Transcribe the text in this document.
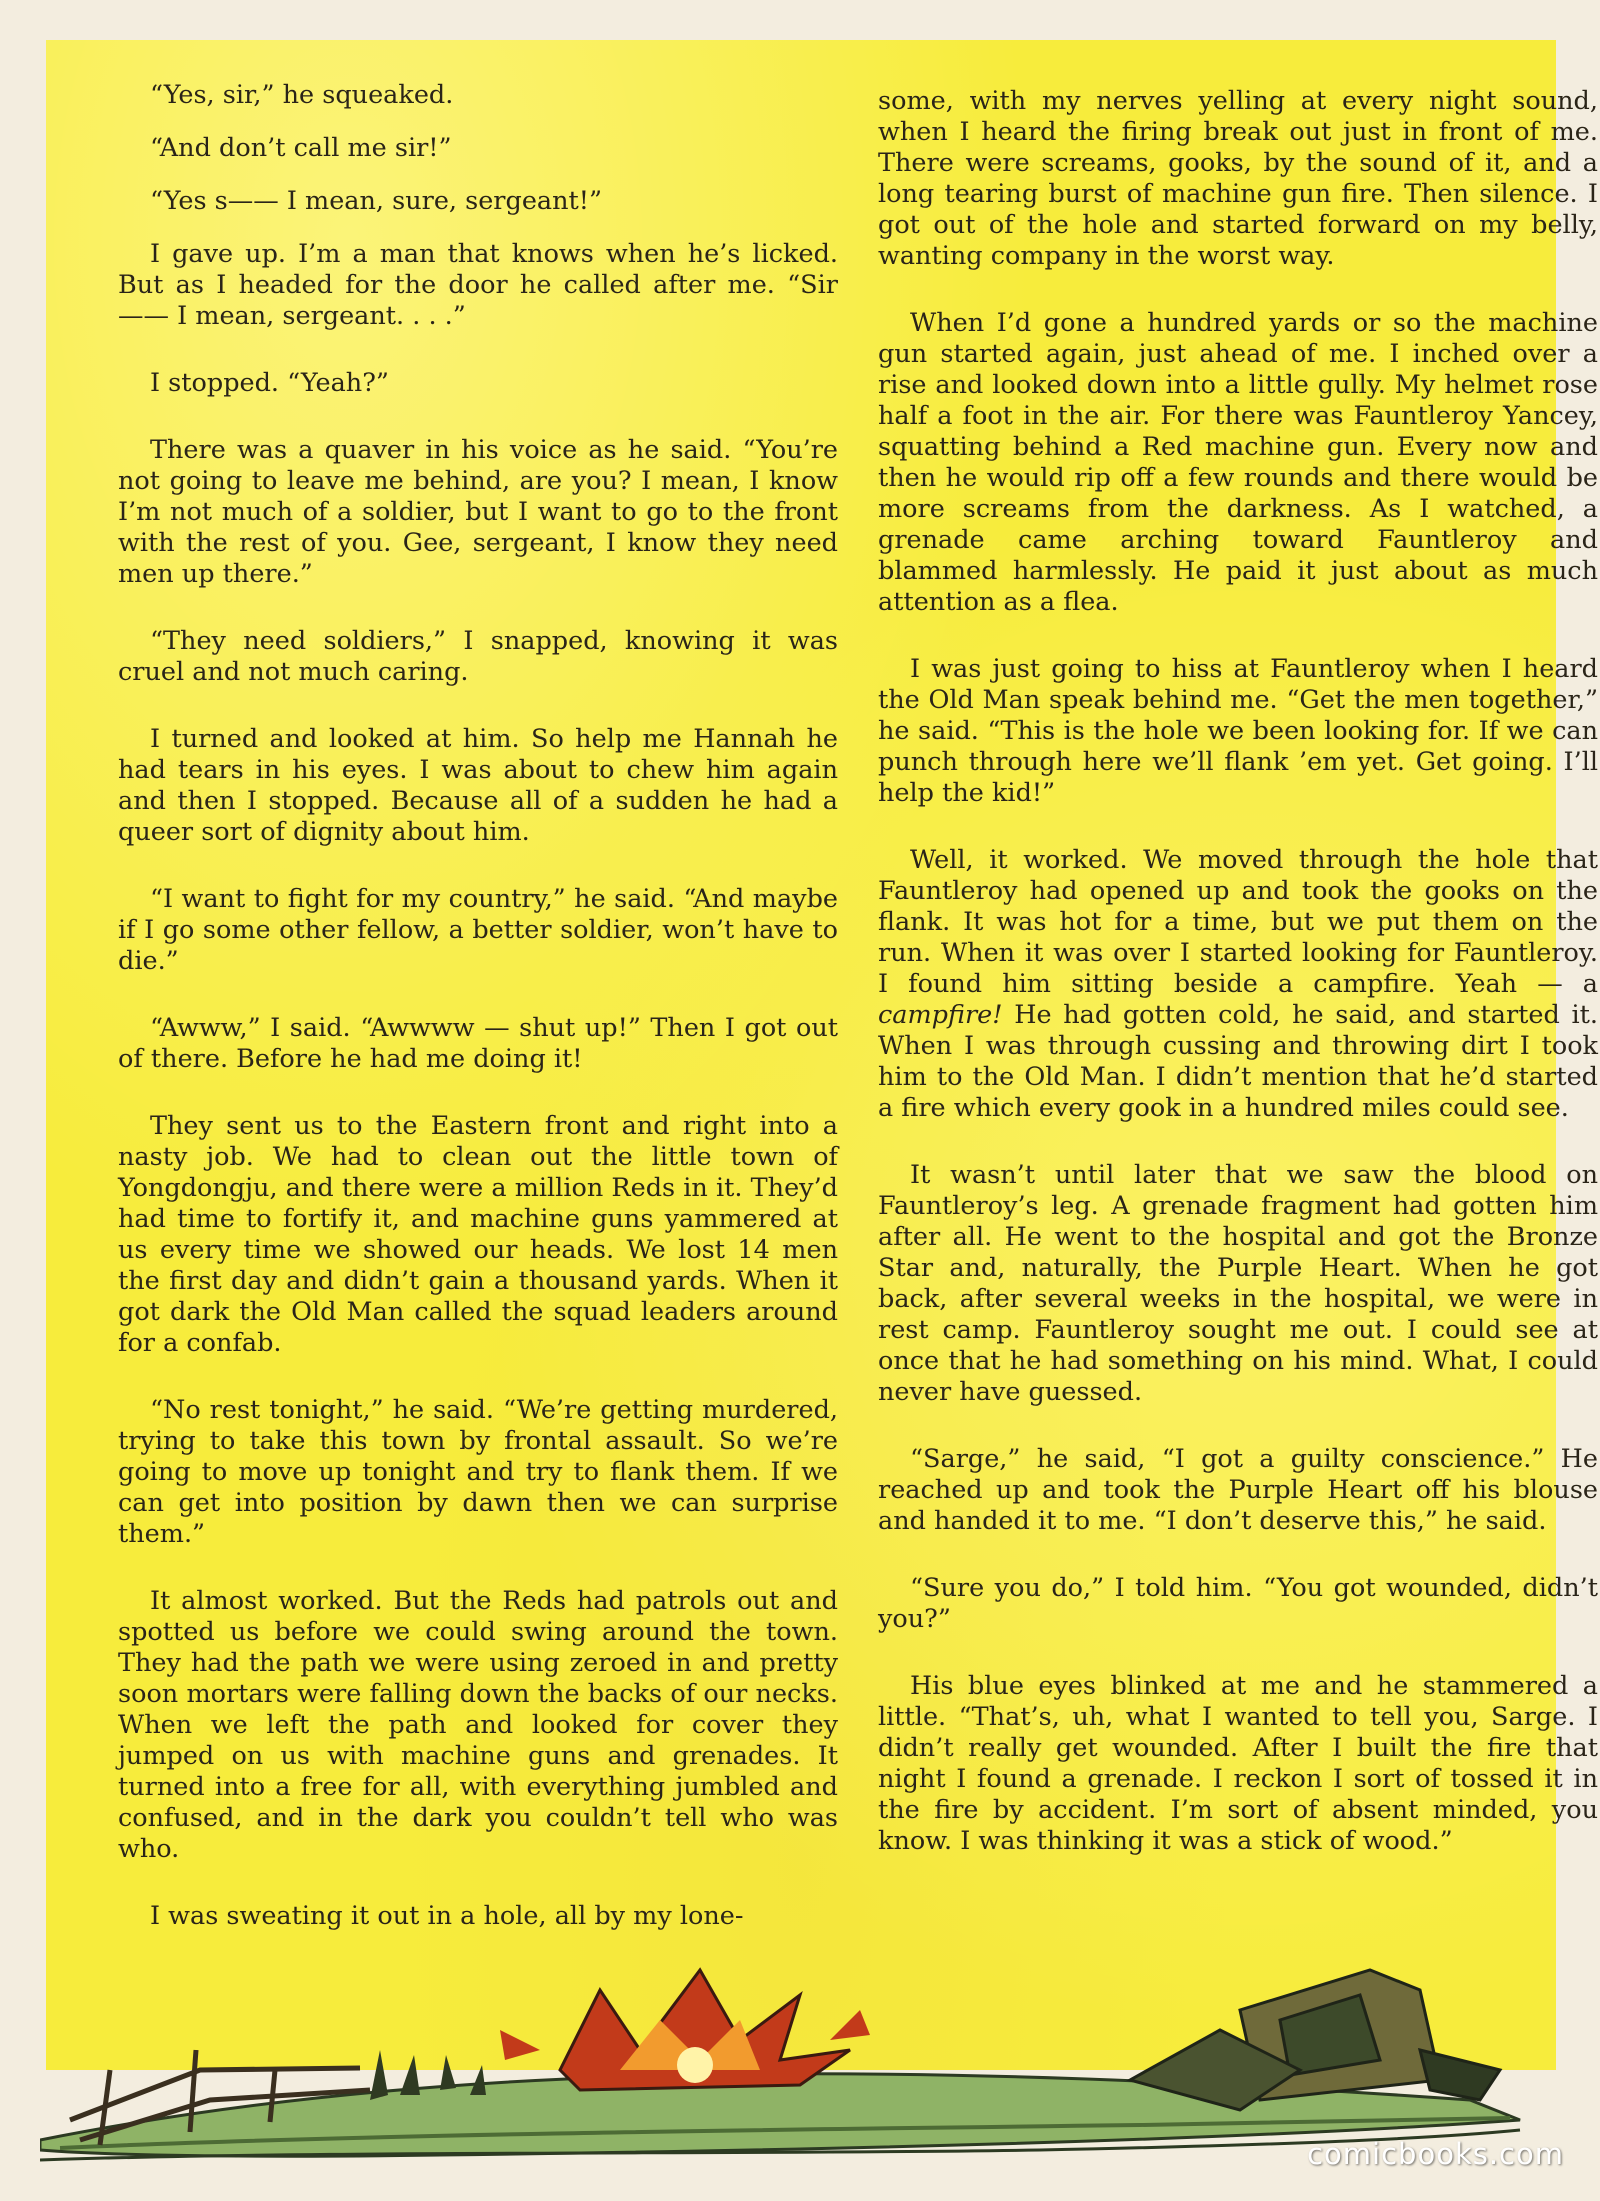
“Yes, sir,” he squeaked.

“And don’t call me sir!”

“Yes s—— I mean, sure, sergeant!”

I gave up. I’m a man that knows when he’s licked. But as I headed for the door he called after me. “Sir—— I mean, sergeant. . . .”

I stopped. “Yeah?”

There was a quaver in his voice as he said. “You’re not going to leave me behind, are you? I mean, I know I’m not much of a soldier, but I want to go to the front with the rest of you. Gee, sergeant, I know they need men up there.”

“They need soldiers,” I snapped, knowing it was cruel and not much caring.

I turned and looked at him. So help me Hannah he had tears in his eyes. I was about to chew him again and then I stopped. Because all of a sudden he had a queer sort of dignity about him.

“I want to fight for my country,” he said. “And maybe if I go some other fellow, a better soldier, won’t have to die.”

“Awww,” I said. “Awwww — shut up!” Then I got out of there. Before he had me doing it!

They sent us to the Eastern front and right into a nasty job. We had to clean out the little town of Yongdongju, and there were a million Reds in it. They’d had time to fortify it, and machine guns yammered at us every time we showed our heads. We lost 14 men the first day and didn’t gain a thousand yards. When it got dark the Old Man called the squad leaders around for a confab.

“No rest tonight,” he said. “We’re getting murdered, trying to take this town by frontal assault. So we’re going to move up tonight and try to flank them. If we can get into position by dawn then we can surprise them.”

It almost worked. But the Reds had patrols out and spotted us before we could swing around the town. They had the path we were using zeroed in and pretty soon mortars were falling down the backs of our necks. When we left the path and looked for cover they jumped on us with machine guns and grenades. It turned into a free for all, with everything jumbled and confused, and in the dark you couldn’t tell who was who.

I was sweating it out in a hole, all by my lone-

some, with my nerves yelling at every night sound, when I heard the firing break out just in front of me. There were screams, gooks, by the sound of it, and a long tearing burst of machine gun fire. Then silence. I got out of the hole and started forward on my belly, wanting company in the worst way.

When I’d gone a hundred yards or so the machine gun started again, just ahead of me. I inched over a rise and looked down into a little gully. My helmet rose half a foot in the air. For there was Fauntleroy Yancey, squatting behind a Red machine gun. Every now and then he would rip off a few rounds and there would be more screams from the darkness. As I watched, a grenade came arching toward Fauntleroy and blammed harmlessly. He paid it just about as much attention as a flea.

I was just going to hiss at Fauntleroy when I heard the Old Man speak behind me. “Get the men together,” he said. “This is the hole we been looking for. If we can punch through here we’ll flank ’em yet. Get going. I’ll help the kid!”

Well, it worked. We moved through the hole that Fauntleroy had opened up and took the gooks on the flank. It was hot for a time, but we put them on the run. When it was over I started looking for Fauntleroy. I found him sitting beside a campfire. Yeah — a campfire! He had gotten cold, he said, and started it. When I was through cussing and throwing dirt I took him to the Old Man. I didn’t mention that he’d started a fire which every gook in a hundred miles could see.

It wasn’t until later that we saw the blood on Fauntleroy’s leg. A grenade fragment had gotten him after all. He went to the hospital and got the Bronze Star and, naturally, the Purple Heart. When he got back, after several weeks in the hospital, we were in rest camp. Fauntleroy sought me out. I could see at once that he had something on his mind. What, I could never have guessed.

“Sarge,” he said, “I got a guilty conscience.” He reached up and took the Purple Heart off his blouse and handed it to me. “I don’t deserve this,” he said.

“Sure you do,” I told him. “You got wounded, didn’t you?”

His blue eyes blinked at me and he stammered a little. “That’s, uh, what I wanted to tell you, Sarge. I didn’t really get wounded. After I built the fire that night I found a grenade. I reckon I sort of tossed it in the fire by accident. I’m sort of absent minded, you know. I was thinking it was a stick of wood.”

comicbooks.com
